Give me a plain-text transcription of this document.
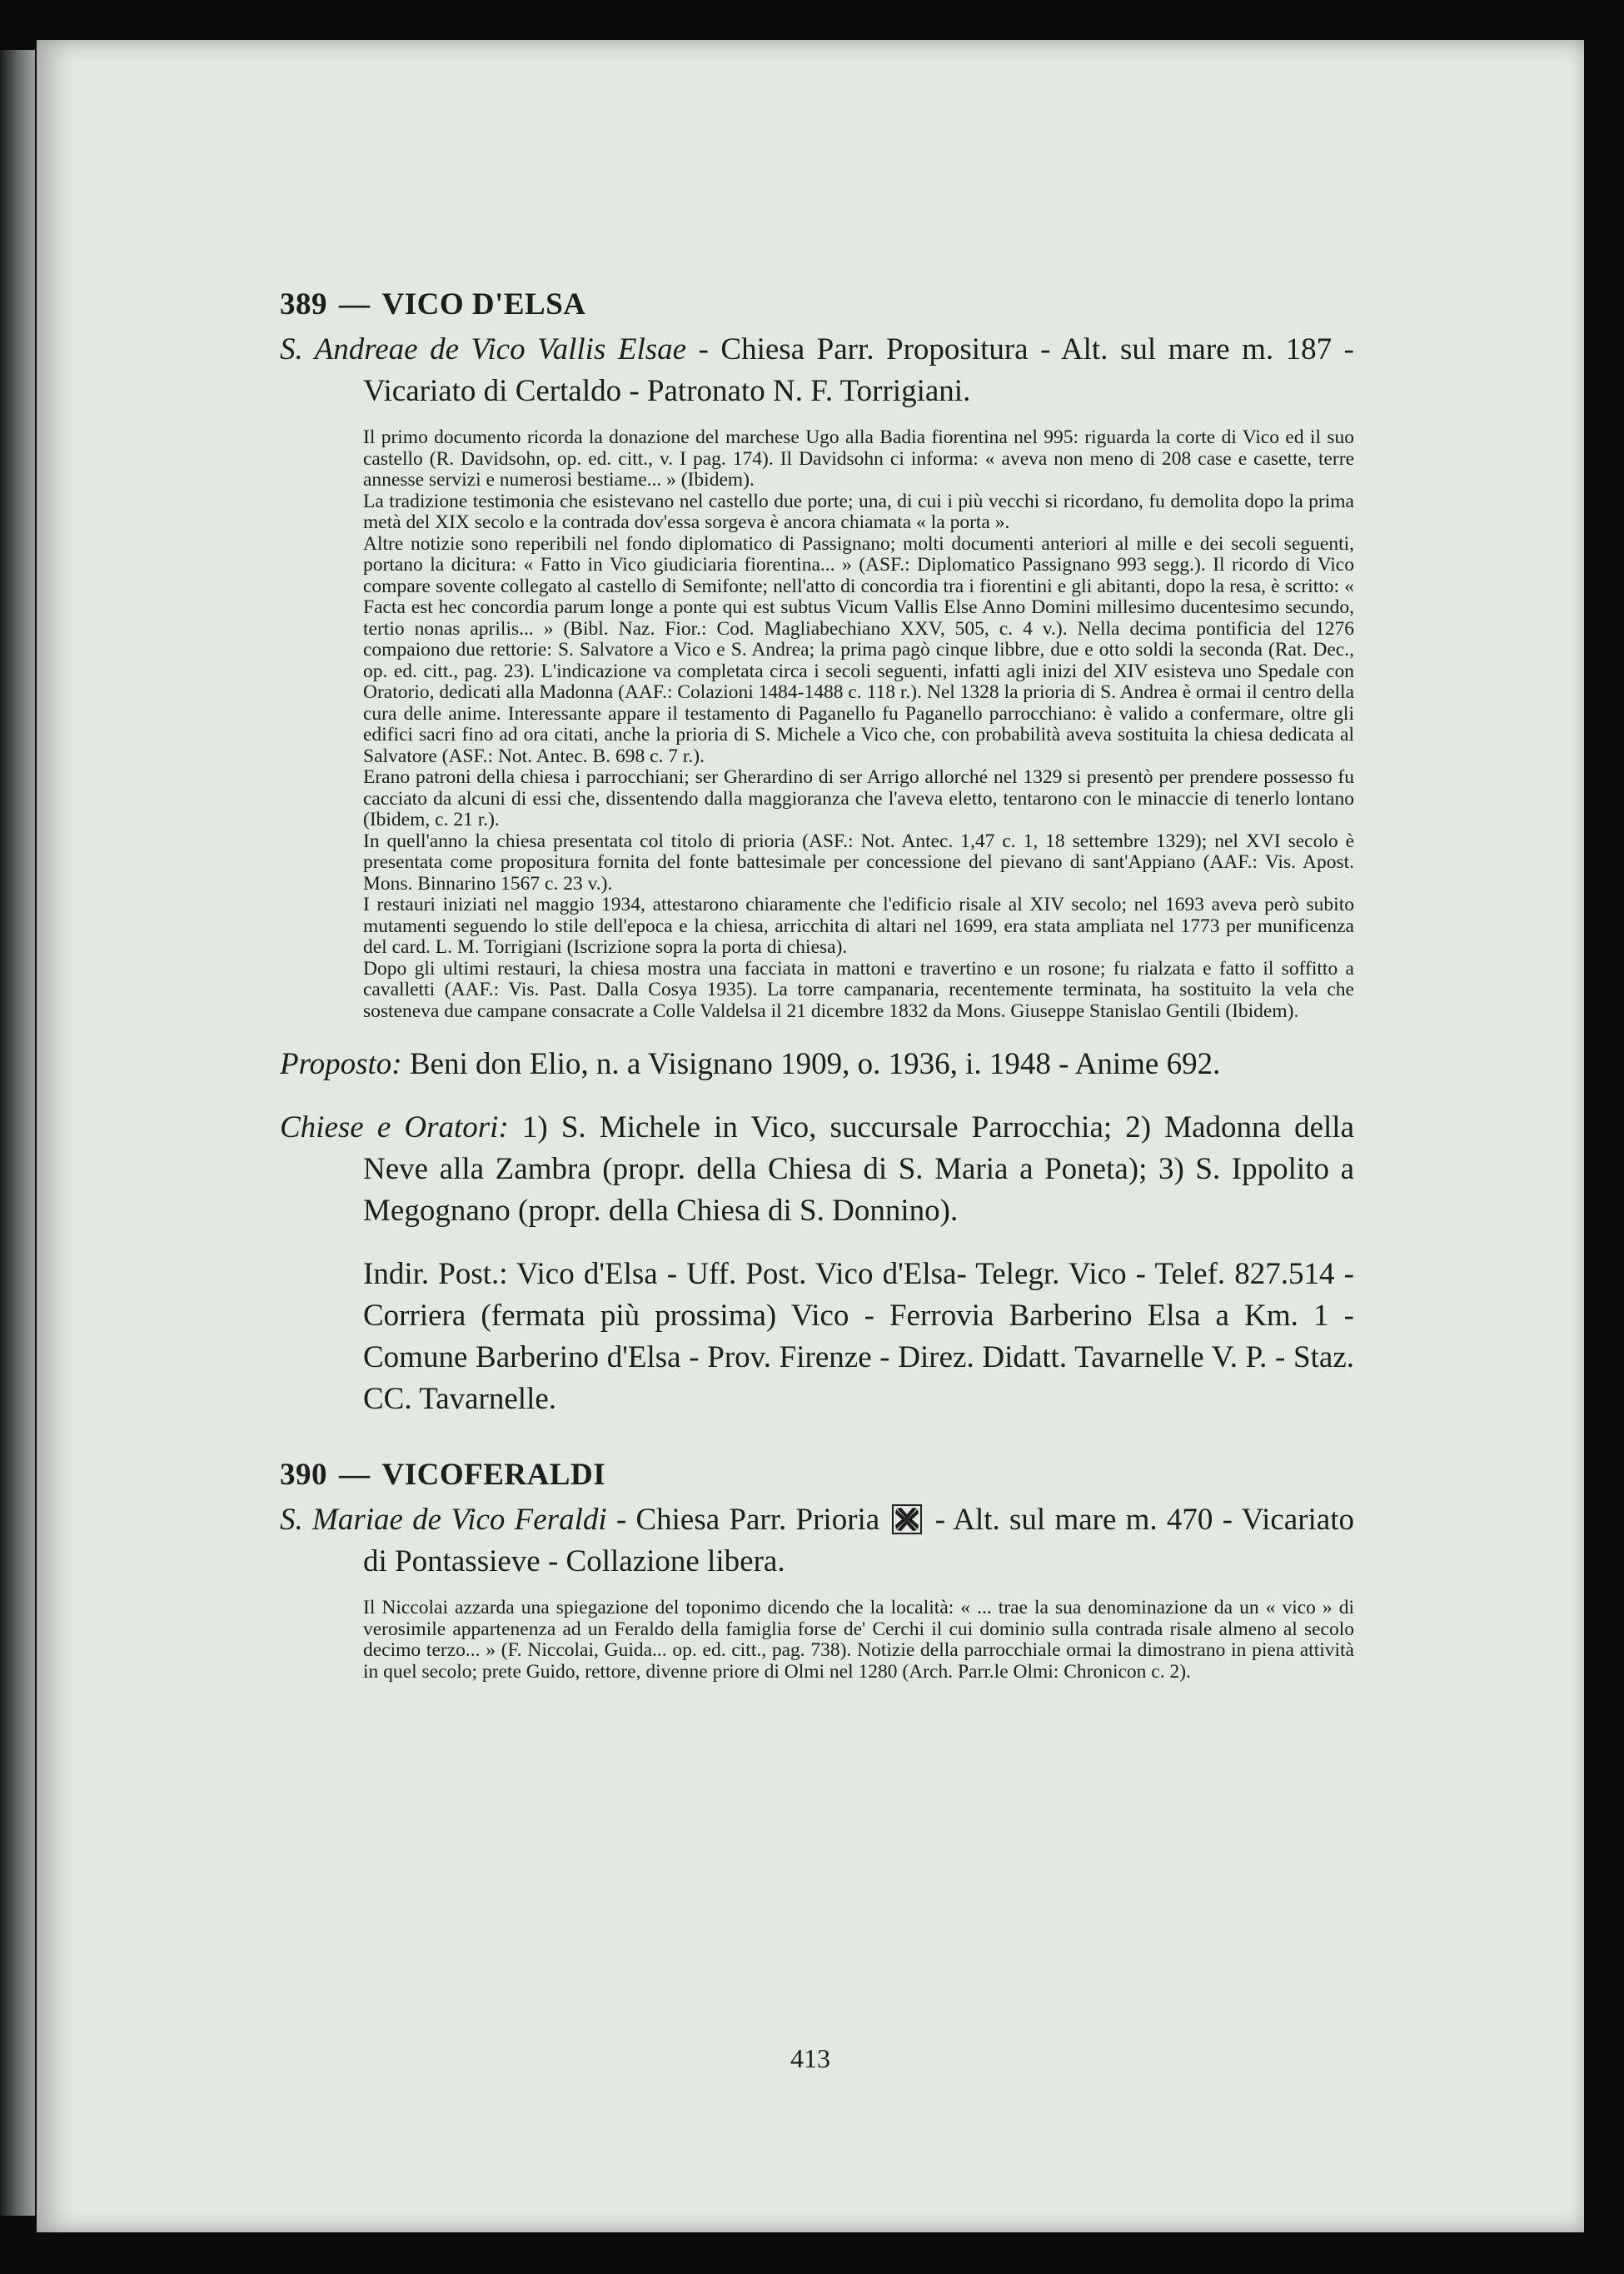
389 — VICO D'ELSA
S. Andreae de Vico Vallis Elsae - Chiesa Parr. Propositura - Alt. sul mare m. 187 - Vicariato di Certaldo - Patronato N. F. Torrigiani.

Il primo documento ricorda la donazione del marchese Ugo alla Badia fiorentina nel 995: riguarda la corte di Vico ed il suo castello (R. Davidsohn, op. ed. citt., v. I pag. 174). Il Davidsohn ci informa: « aveva non meno di 208 case e casette, terre annesse servizi e numerosi bestiame... » (Ibidem).

La tradizione testimonia che esistevano nel castello due porte; una, di cui i più vecchi si ricordano, fu demolita dopo la prima metà del XIX secolo e la contrada dov'essa sorgeva è ancora chiamata « la porta ».

Altre notizie sono reperibili nel fondo diplomatico di Passignano; molti documenti anteriori al mille e dei secoli seguenti, portano la dicitura: « Fatto in Vico giudiciaria fiorentina... » (ASF.: Diplomatico Passignano 993 segg.). Il ricordo di Vico compare sovente collegato al castello di Semifonte; nell'atto di concordia tra i fiorentini e gli abitanti, dopo la resa, è scritto: « Facta est hec concordia parum longe a ponte qui est subtus Vicum Vallis Else Anno Domini millesimo ducentesimo secundo, tertio nonas aprilis... » (Bibl. Naz. Fior.: Cod. Magliabechiano XXV, 505, c. 4 v.). Nella decima pontificia del 1276 compaiono due rettorie: S. Salvatore a Vico e S. Andrea; la prima pagò cinque libbre, due e otto soldi la seconda (Rat. Dec., op. ed. citt., pag. 23). L'indicazione va completata circa i secoli seguenti, infatti agli inizi del XIV esisteva uno Spedale con Oratorio, dedicati alla Madonna (AAF.: Colazioni 1484-1488 c. 118 r.). Nel 1328 la prioria di S. Andrea è ormai il centro della cura delle anime. Interessante appare il testamento di Paganello fu Paganello parrocchiano: è valido a confermare, oltre gli edifici sacri fino ad ora citati, anche la prioria di S. Michele a Vico che, con probabilità aveva sostituita la chiesa dedicata al Salvatore (ASF.: Not. Antec. B. 698 c. 7 r.).

Erano patroni della chiesa i parrocchiani; ser Gherardino di ser Arrigo allorché nel 1329 si presentò per prendere possesso fu cacciato da alcuni di essi che, dissentendo dalla maggioranza che l'aveva eletto, tentarono con le minaccie di tenerlo lontano (Ibidem, c. 21 r.).

In quell'anno la chiesa presentata col titolo di prioria (ASF.: Not. Antec. 1,47 c. 1, 18 settembre 1329); nel XVI secolo è presentata come propositura fornita del fonte battesimale per concessione del pievano di sant'Appiano (AAF.: Vis. Apost. Mons. Binnarino 1567 c. 23 v.).

I restauri iniziati nel maggio 1934, attestarono chiaramente che l'edificio risale al XIV secolo; nel 1693 aveva però subito mutamenti seguendo lo stile dell'epoca e la chiesa, arricchita di altari nel 1699, era stata ampliata nel 1773 per munificenza del card. L. M. Torrigiani (Iscrizione sopra la porta di chiesa).

Dopo gli ultimi restauri, la chiesa mostra una facciata in mattoni e travertino e un rosone; fu rialzata e fatto il soffitto a cavalletti (AAF.: Vis. Past. Dalla Cosya 1935). La torre campanaria, recentemente terminata, ha sostituito la vela che sosteneva due campane consacrate a Colle Valdelsa il 21 dicembre 1832 da Mons. Giuseppe Stanislao Gentili (Ibidem).

Proposto: Beni don Elio, n. a Visignano 1909, o. 1936, i. 1948 - Anime 692.
Chiese e Oratori: 1) S. Michele in Vico, succursale Parrocchia; 2) Madonna della Neve alla Zambra (propr. della Chiesa di S. Maria a Poneta); 3) S. Ippolito a Megognano (propr. della Chiesa di S. Donnino).
Indir. Post.: Vico d'Elsa - Uff. Post. Vico d'Elsa- Telegr. Vico - Telef. 827.514 - Corriera (fermata più prossima) Vico - Ferrovia Barberino Elsa a Km. 1 - Comune Barberino d'Elsa - Prov. Firenze - Direz. Didatt. Tavarnelle V. P. - Staz. CC. Tavarnelle.
390 — VICOFERALDI
S. Mariae de Vico Feraldi - Chiesa Parr. Prioria  - Alt. sul mare m. 470 - Vicariato di Pontassieve - Collazione libera.

Il Niccolai azzarda una spiegazione del toponimo dicendo che la località: « ... trae la sua denominazione da un « vico » di verosimile appartenenza ad un Feraldo della famiglia forse de' Cerchi il cui dominio sulla contrada risale almeno al secolo decimo terzo... » (F. Niccolai, Guida... op. ed. citt., pag. 738). Notizie della parrocchiale ormai la dimostrano in piena attività in quel secolo; prete Guido, rettore, divenne priore di Olmi nel 1280 (Arch. Parr.le Olmi: Chronicon c. 2).

413
